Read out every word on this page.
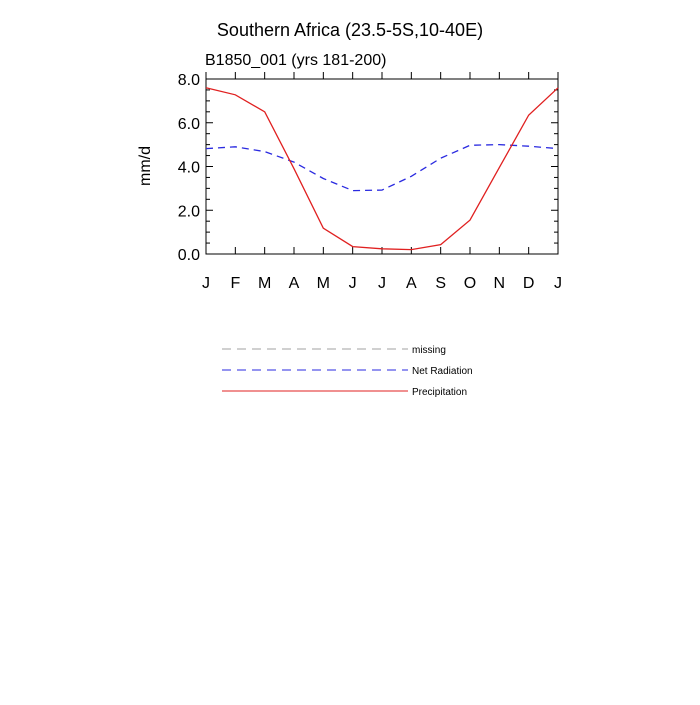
Southern Africa (23.5-5S,10-40E)
B1850_001 (yrs 181-200)
mm/d
0.0
2.0
4.0
6.0
8.0
J F M A M J J A S O N D J
missing
Net Radiation
Precipitation
